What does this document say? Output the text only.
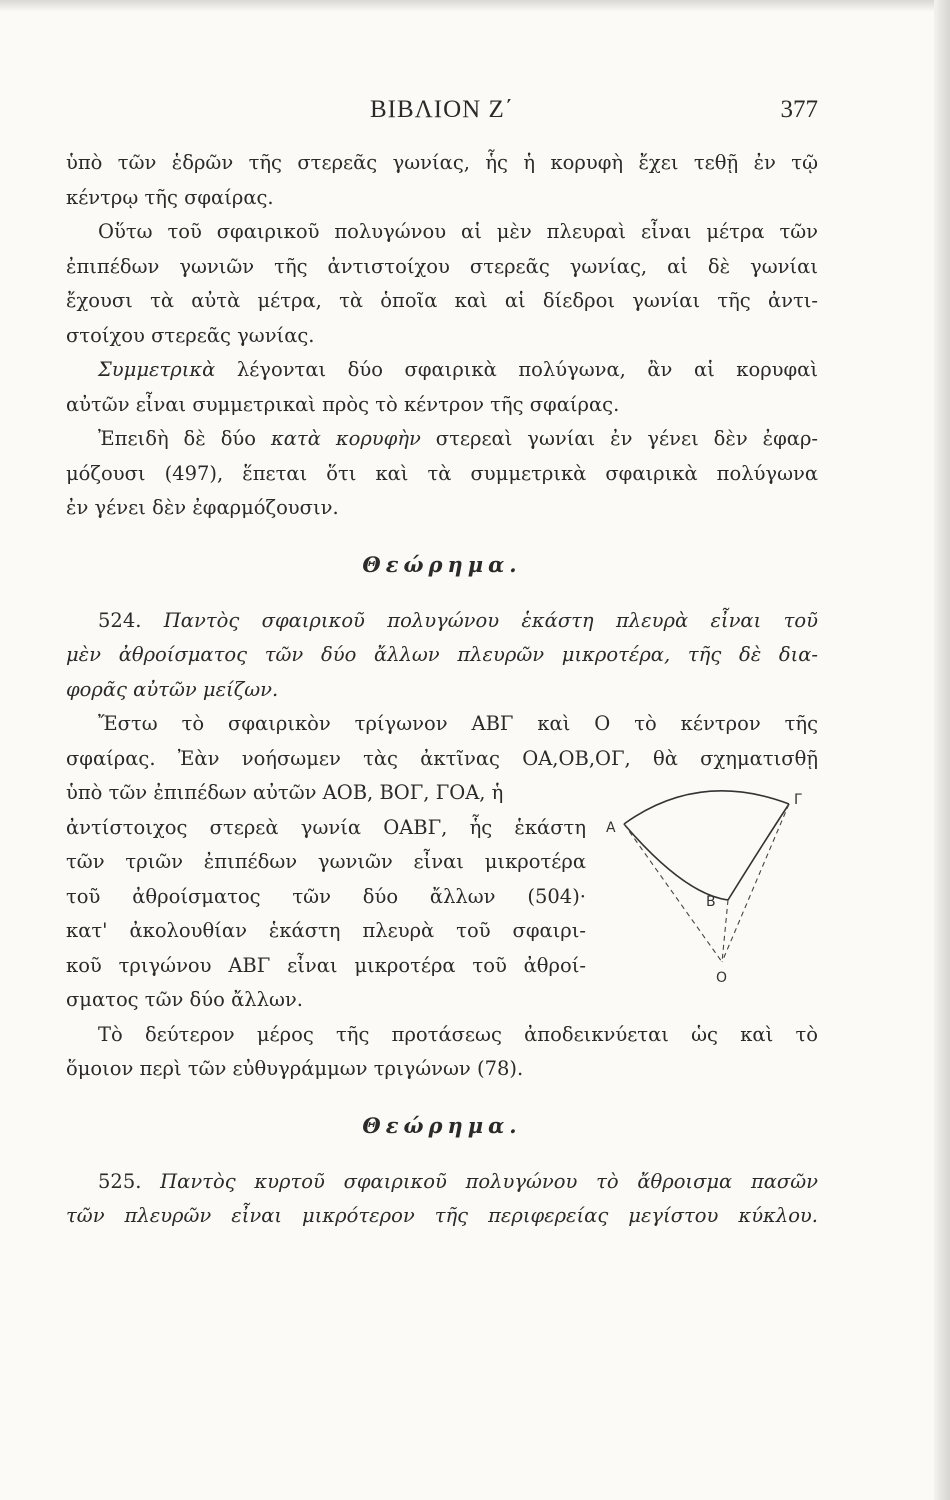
ΒΙΒΛΙΟΝ Ζ΄	377
ὑπὸ τῶν ἑδρῶν τῆς στερεᾶς γωνίας, ἧς ἡ κορυφὴ ἔχει τεθῇ ἐν τῷ
κέντρῳ τῆς σφαίρας.
Οὕτω τοῦ σφαιρικοῦ πολυγώνου αἱ μὲν πλευραὶ εἶναι μέτρα τῶν
ἐπιπέδων γωνιῶν τῆς ἀντιστοίχου στερεᾶς γωνίας, αἱ δὲ γωνίαι
ἔχουσι τὰ αὐτὰ μέτρα, τὰ ὁποῖα καὶ αἱ δίεδροι γωνίαι τῆς ἀντι-
στοίχου στερεᾶς γωνίας.
Συμμετρικὰ λέγονται δύο σφαιρικὰ πολύγωνα, ἂν αἱ κορυφαὶ
αὐτῶν εἶναι συμμετρικαὶ πρὸς τὸ κέντρον τῆς σφαίρας.
Ἐπειδὴ δὲ δύο κατὰ κορυφὴν στερεαὶ γωνίαι ἐν γένει δὲν ἐφαρ-
μόζουσι (497), ἕπεται ὅτι καὶ τὰ συμμετρικὰ σφαιρικὰ πολύγωνα
ἐν γένει δὲν ἐφαρμόζουσιν.
Θεώρημα.
524. Παντὸς σφαιρικοῦ πολυγώνου ἑκάστη πλευρὰ εἶναι τοῦ
μὲν ἀθροίσματος τῶν δύο ἄλλων πλευρῶν μικροτέρα, τῆς δὲ δια-
φορᾶς αὐτῶν μείζων.
Ἔστω τὸ σφαιρικὸν τρίγωνον ΑΒΓ καὶ Ο τὸ κέντρον τῆς
σφαίρας. Ἐὰν νοήσωμεν τὰς ἀκτῖνας ΟΑ,ΟΒ,ΟΓ, θὰ σχηματισθῇ
ὑπὸ τῶν ἐπιπέδων αὐτῶν ΑΟΒ, ΒΟΓ, ΓΟΑ, ἡ
ἀντίστοιχος στερεὰ γωνία ΟΑΒΓ, ἧς ἑκάστη
τῶν τριῶν ἐπιπέδων γωνιῶν εἶναι μικροτέρα
τοῦ ἀθροίσματος τῶν δύο ἄλλων (504)·
κατ' ἀκολουθίαν ἑκάστη πλευρὰ τοῦ σφαιρι-
κοῦ τριγώνου ΑΒΓ εἶναι μικροτέρα τοῦ ἀθροί-
σματος τῶν δύο ἄλλων.
Α
Β
Γ
Ο
Τὸ δεύτερον μέρος τῆς προτάσεως ἀποδεικνύεται ὡς καὶ τὸ
ὅμοιον περὶ τῶν εὐθυγράμμων τριγώνων (78).
Θεώρημα.
525. Παντὸς κυρτοῦ σφαιρικοῦ πολυγώνου τὸ ἄθροισμα πασῶν
τῶν πλευρῶν εἶναι μικρότερον τῆς περιφερείας μεγίστου κύκλου.
